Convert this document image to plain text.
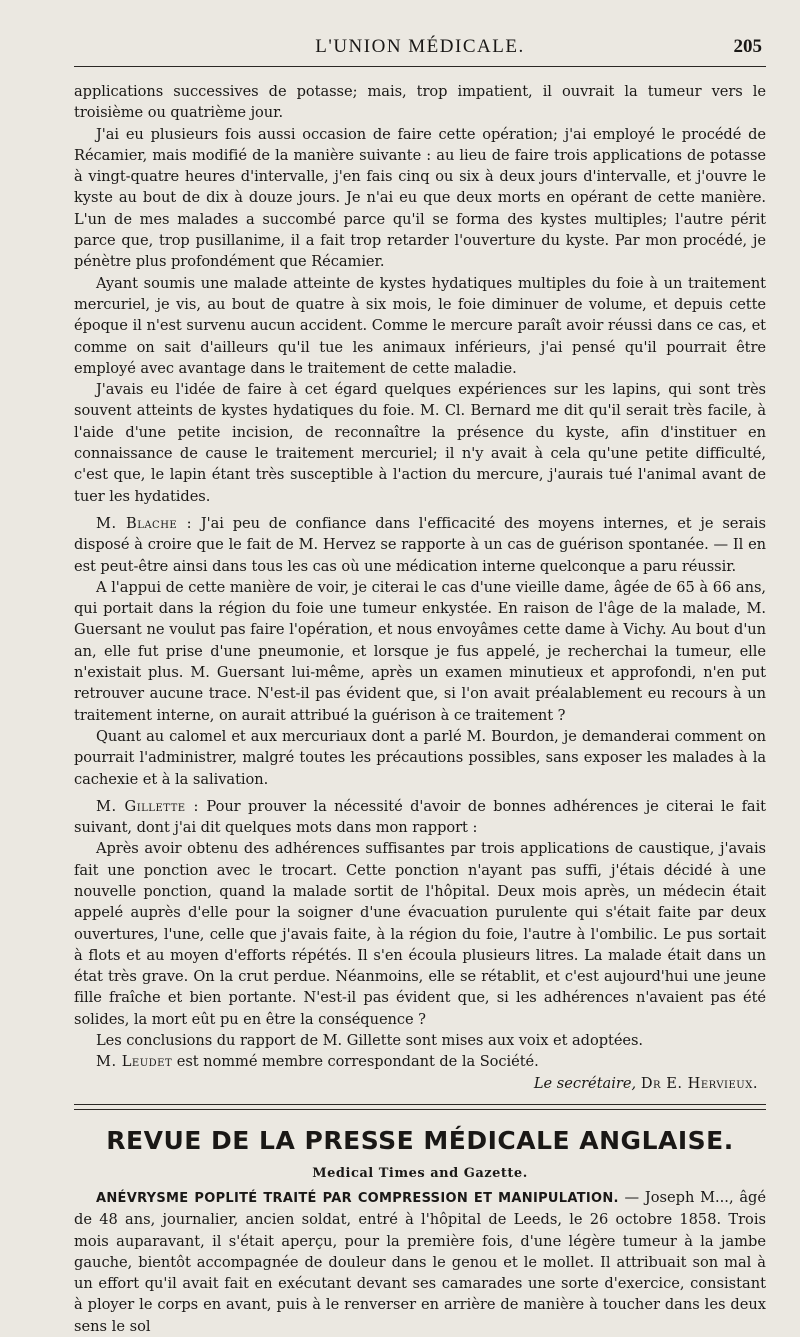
L'UNION MÉDICALE.	205

applications successives de potasse; mais, trop impatient, il ouvrait la tumeur vers le troisième ou quatrième jour.

J'ai eu plusieurs fois aussi occasion de faire cette opération; j'ai employé le procédé de Récamier, mais modifié de la manière suivante : au lieu de faire trois applications de potasse à vingt-quatre heures d'intervalle, j'en fais cinq ou six à deux jours d'intervalle, et j'ouvre le kyste au bout de dix à douze jours. Je n'ai eu que deux morts en opérant de cette manière. L'un de mes malades a succombé parce qu'il se forma des kystes multiples; l'autre périt parce que, trop pusillanime, il a fait trop retarder l'ouverture du kyste. Par mon procédé, je pénètre plus profondément que Récamier.

Ayant soumis une malade atteinte de kystes hydatiques multiples du foie à un traitement mercuriel, je vis, au bout de quatre à six mois, le foie diminuer de volume, et depuis cette époque il n'est survenu aucun accident. Comme le mercure paraît avoir réussi dans ce cas, et comme on sait d'ailleurs qu'il tue les animaux inférieurs, j'ai pensé qu'il pourrait être employé avec avantage dans le traitement de cette maladie.

J'avais eu l'idée de faire à cet égard quelques expériences sur les lapins, qui sont très souvent atteints de kystes hydatiques du foie. M. Cl. Bernard me dit qu'il serait très facile, à l'aide d'une petite incision, de reconnaître la présence du kyste, afin d'instituer en connaissance de cause le traitement mercuriel; il n'y avait à cela qu'une petite difficulté, c'est que, le lapin étant très susceptible à l'action du mercure, j'aurais tué l'animal avant de tuer les hydatides.

M. Blache : J'ai peu de confiance dans l'efficacité des moyens internes, et je serais disposé à croire que le fait de M. Hervez se rapporte à un cas de guérison spontanée. — Il en est peut-être ainsi dans tous les cas où une médication interne quelconque a paru réussir.

A l'appui de cette manière de voir, je citerai le cas d'une vieille dame, âgée de 65 à 66 ans, qui portait dans la région du foie une tumeur enkystée. En raison de l'âge de la malade, M. Guersant ne voulut pas faire l'opération, et nous envoyâmes cette dame à Vichy. Au bout d'un an, elle fut prise d'une pneumonie, et lorsque je fus appelé, je recherchai la tumeur, elle n'existait plus. M. Guersant lui-même, après un examen minutieux et approfondi, n'en put retrouver aucune trace. N'est-il pas évident que, si l'on avait préalablement eu recours à un traitement interne, on aurait attribué la guérison à ce traitement ?

Quant au calomel et aux mercuriaux dont a parlé M. Bourdon, je demanderai comment on pourrait l'administrer, malgré toutes les précautions possibles, sans exposer les malades à la cachexie et à la salivation.

M. Gillette : Pour prouver la nécessité d'avoir de bonnes adhérences je citerai le fait suivant, dont j'ai dit quelques mots dans mon rapport :

Après avoir obtenu des adhérences suffisantes par trois applications de caustique, j'avais fait une ponction avec le trocart. Cette ponction n'ayant pas suffi, j'étais décidé à une nouvelle ponction, quand la malade sortit de l'hôpital. Deux mois après, un médecin était appelé auprès d'elle pour la soigner d'une évacuation purulente qui s'était faite par deux ouvertures, l'une, celle que j'avais faite, à la région du foie, l'autre à l'ombilic. Le pus sortait à flots et au moyen d'efforts répétés. Il s'en écoula plusieurs litres. La malade était dans un état très grave. On la crut perdue. Néanmoins, elle se rétablit, et c'est aujourd'hui une jeune fille fraîche et bien portante. N'est-il pas évident que, si les adhérences n'avaient pas été solides, la mort eût pu en être la conséquence ?

Les conclusions du rapport de M. Gillette sont mises aux voix et adoptées.

M. Leudet est nommé membre correspondant de la Société.

Le secrétaire, Dr E. Hervieux.
REVUE DE LA PRESSE MÉDICALE ANGLAISE.
Medical Times and Gazette.

ANÉVRYSME POPLITÉ TRAITÉ PAR COMPRESSION ET MANIPULATION. — Joseph M..., âgé de 48 ans, journalier, ancien soldat, entré à l'hôpital de Leeds, le 26 octobre 1858. Trois mois auparavant, il s'était aperçu, pour la première fois, d'une légère tumeur à la jambe gauche, bientôt accompagnée de douleur dans le genou et le mollet. Il attribuait son mal à un effort qu'il avait fait en exécutant devant ses camarades une sorte d'exercice, consistant à ployer le corps en avant, puis à le renverser en arrière de manière à toucher dans les deux sens le sol
